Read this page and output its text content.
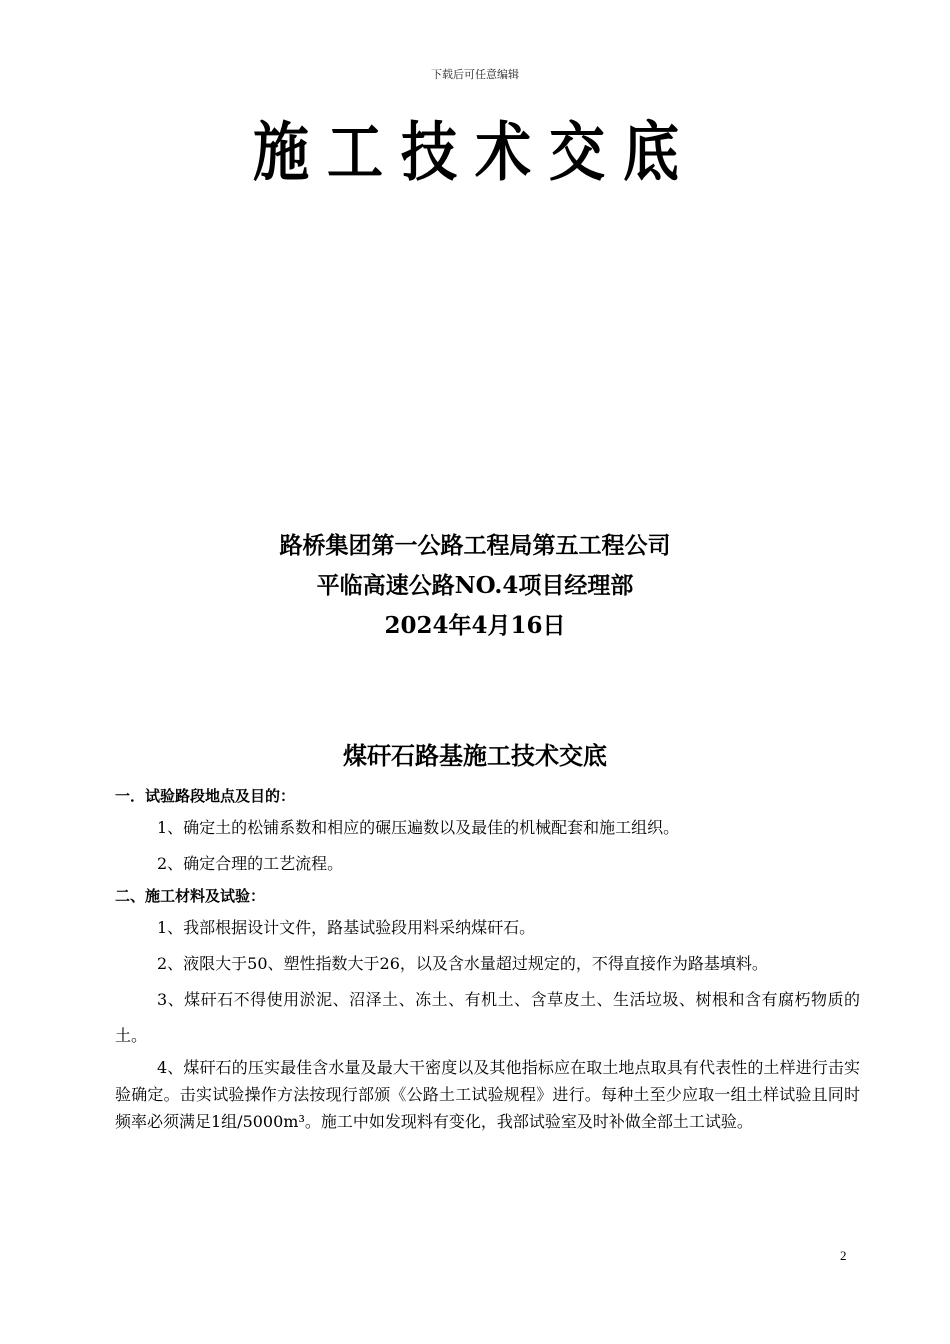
下载后可任意编辑
施工技术交底
路桥集团第一公路工程局第五工程公司
平临高速公路NO.4项目经理部
2024年4月16日
煤矸石路基施工技术交底
一．试验路段地点及目的：
1、确定土的松铺系数和相应的碾压遍数以及最佳的机械配套和施工组织。
2、确定合理的工艺流程。
二、施工材料及试验：
1、我部根据设计文件，路基试验段用料采纳煤矸石。
2、液限大于50、塑性指数大于26，以及含水量超过规定的，不得直接作为路基填料。
3、煤矸石不得使用淤泥、沼泽土、冻土、有机土、含草皮土、生活垃圾、树根和含有腐朽物质的土。
4、煤矸石的压实最佳含水量及最大干密度以及其他指标应在取土地点取具有代表性的土样进行击实验确定。击实试验操作方法按现行部颁《公路土工试验规程》进行。每种土至少应取一组土样试验且同时频率必须满足1组/5000m³。施工中如发现料有变化，我部试验室及时补做全部土工试验。
2
